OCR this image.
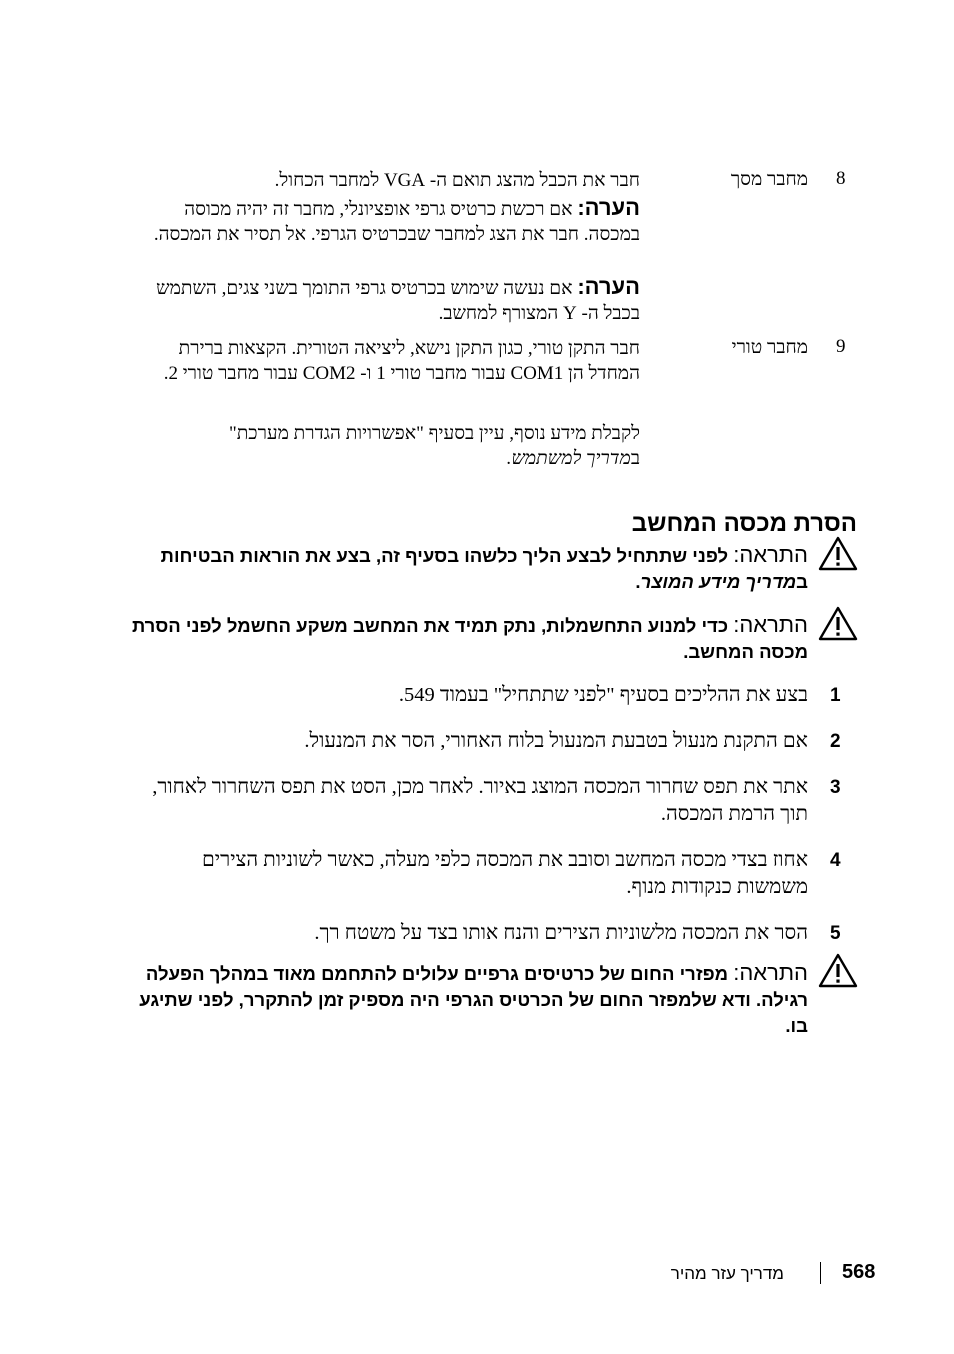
8
מחבר מסך
חבר את הכבל מהצג תואם ה- VGA למחבר הכחול.
הערה: אם רכשת כרטיס גרפי אופציונלי, מחבר זה יהיה מכוסה במכסה. חבר את הצג למחבר שבכרטיס הגרפי. אל תסיר את המכסה.
הערה: אם נעשה שימוש בכרטיס גרפי התומך בשני צגים, השתמש בכבל ה- Y המצורף למחשב.
9
מחבר טורי
חבר התקן טורי, כגון התקן נישא, ליציאה הטורית. הקצאות ברירת המחדל הן COM1 עבור מחבר טורי 1 ו- COM2 עבור מחבר טורי 2.
לקבלת מידע נוסף, עיין בסעיף "אפשרויות הגדרת מערכת"
במדריך למשתמש.
הסרת מכסה המחשב
התראה: לפני שתתחיל לבצע הליך כלשהו בסעיף זה, בצע את הוראות הבטיחות במדריך מידע המוצר.
התראה: כדי למנוע התחשמלות, נתק תמיד את המחשב משקע החשמל לפני הסרת מכסה המחשב.
1
בצע את ההליכים בסעיף "לפני שתתחיל" בעמוד 549.
2
אם התקנת מנעול בטבעת המנעול בלוח האחורי, הסר את המנעול.
3
אתר את תפס שחרור המכסה המוצג באיור. לאחר מכן, הסט את תפס השחרור לאחור, תוך הרמת המכסה.
4
אחוז בצדי מכסה המחשב וסובב את המכסה כלפי מעלה, כאשר לשוניות הצירים משמשות כנקודות מנוף.
5
הסר את המכסה מלשוניות הצירים והנח אותו בצד על משטח רך.
התראה: מפזרי החום של כרטיסים גרפיים עלולים להתחמם מאוד במהלך הפעלה רגילה. ודא שלמפזר החום של הכרטיס הגרפי היה מספיק זמן להתקרר, לפני שתיגע בו.
568
מדריך עזר מהיר
